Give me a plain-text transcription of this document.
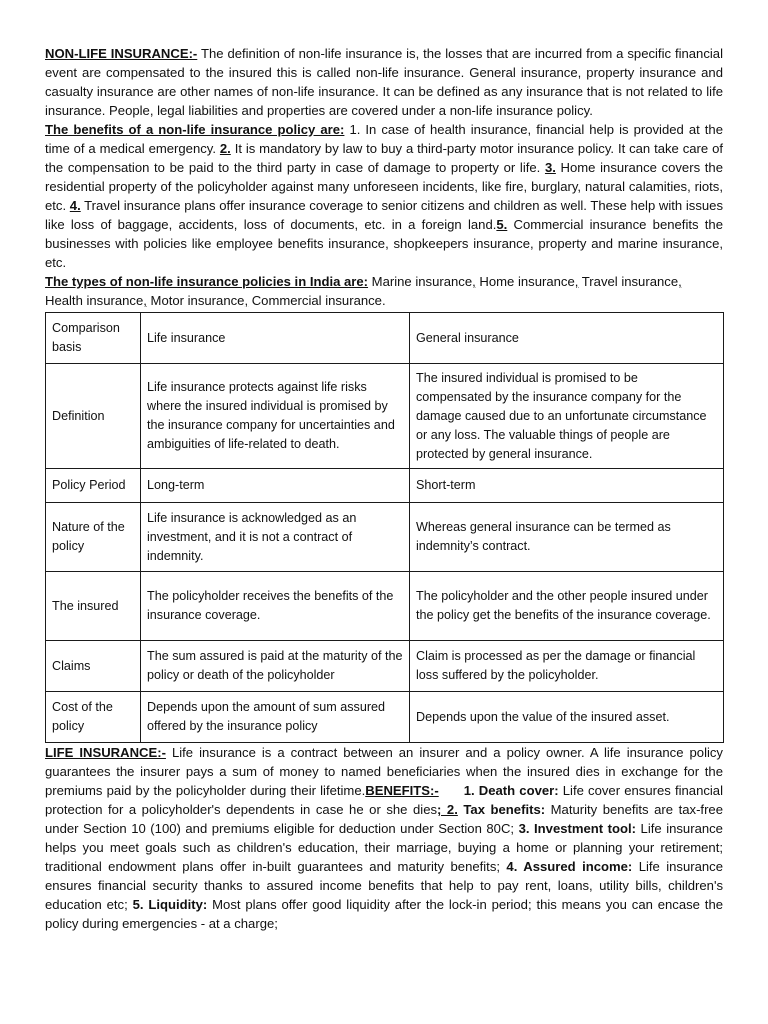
NON-LIFE INSURANCE:- The definition of non-life insurance is, the losses that are incurred from a specific financial event are compensated to the insured this is called non-life insurance. General insurance, property insurance and casualty insurance are other names of non-life insurance. It can be defined as any insurance that is not related to life insurance. People, legal liabilities and properties are covered under a non-life insurance policy.

The benefits of a non-life insurance policy are: 1. In case of health insurance, financial help is provided at the time of a medical emergency. 2. It is mandatory by law to buy a third-party motor insurance policy. It can take care of the compensation to be paid to the third party in case of damage to property or life. 3. Home insurance covers the residential property of the policyholder against many unforeseen incidents, like fire, burglary, natural calamities, riots, etc. 4. Travel insurance plans offer insurance coverage to senior citizens and children as well. These help with issues like loss of baggage, accidents, loss of documents, etc. in a foreign land.5. Commercial insurance benefits the businesses with policies like employee benefits insurance, shopkeepers insurance, property and marine insurance, etc.

The types of non-life insurance policies in India are: Marine insurance, Home insurance, Travel insurance,
Health insurance, Motor insurance, Commercial insurance.

Comparison basis	Life insurance	General insurance
Definition	Life insurance protects against life risks where the insured individual is promised by the insurance company for uncertainties and ambiguities of life-related to death.	The insured individual is promised to be compensated by the insurance company for the damage caused due to an unfortunate circumstance or any loss. The valuable things of people are protected by general insurance.
Policy Period	Long-term	Short-term
Nature of the policy	Life insurance is acknowledged as an investment, and it is not a contract of indemnity.	Whereas general insurance can be termed as indemnity’s contract.
The insured	The policyholder receives the benefits of the insurance coverage.	The policyholder and the other people insured under the policy get the benefits of the insurance coverage.
Claims	The sum assured is paid at the maturity of the policy or death of the policyholder	Claim is processed as per the damage or financial loss suffered by the policyholder.
Cost of the policy	Depends upon the amount of sum assured offered by the insurance policy	Depends upon the value of the insured asset.

LIFE INSURANCE:- Life insurance is a contract between an insurer and a policy owner. A life insurance policy guarantees the insurer pays a sum of money to named beneficiaries when the insured dies in exchange for the premiums paid by the policyholder during their lifetime.BENEFITS:- 1. Death cover: Life cover ensures financial protection for a policyholder's dependents in case he or she dies; 2. Tax benefits: Maturity benefits are tax-free under Section 10 (100) and premiums eligible for deduction under Section 80C; 3. Investment tool: Life insurance helps you meet goals such as children's education, their marriage, buying a home or planning your retirement; traditional endowment plans offer in-built guarantees and maturity benefits; 4. Assured income: Life insurance ensures financial security thanks to assured income benefits that help to pay rent, loans, utility bills, children's education etc; 5. Liquidity: Most plans offer good liquidity after the lock-in period; this means you can encase the policy during emergencies - at a charge;
